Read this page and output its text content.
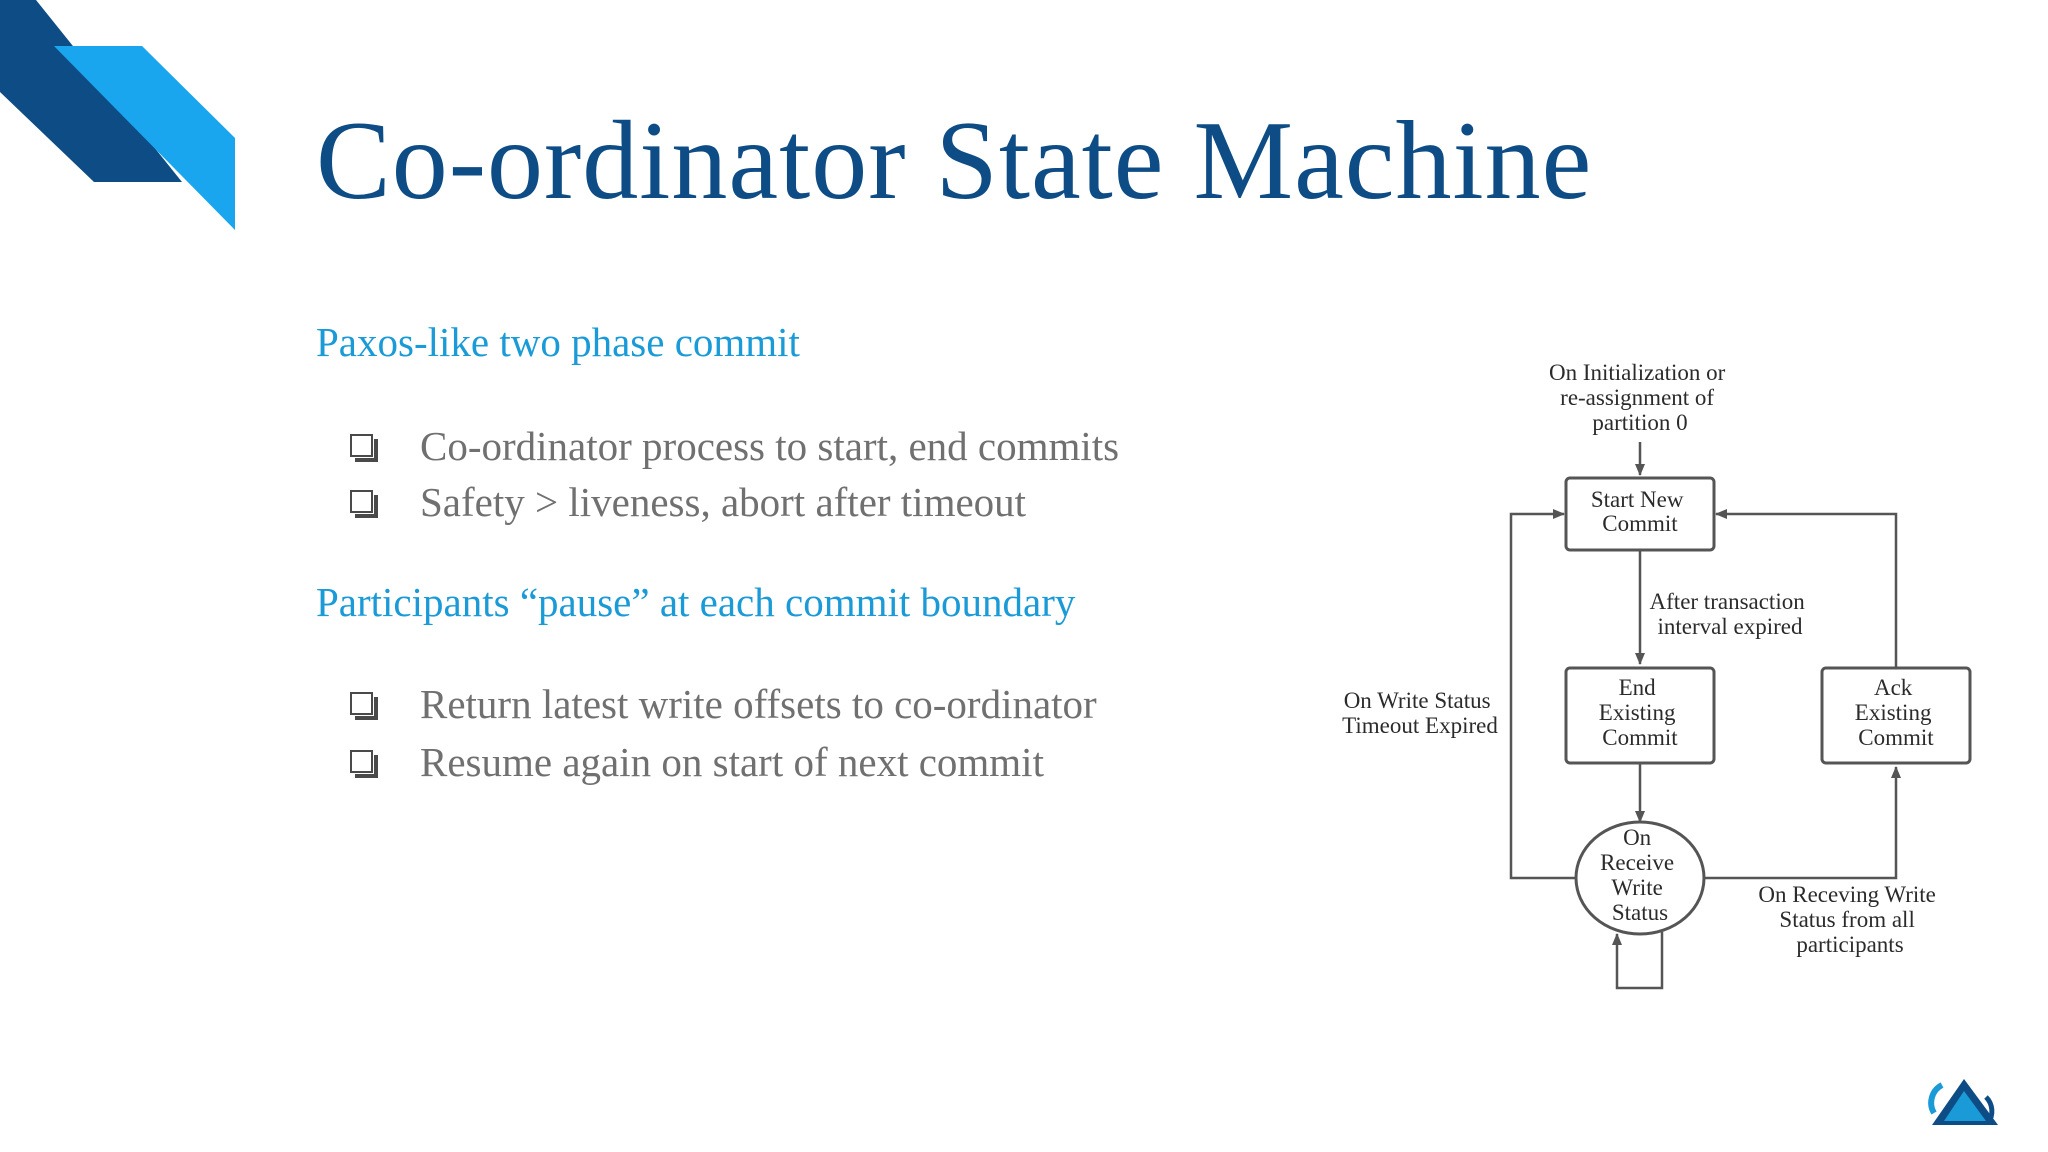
Co-ordinator State Machine
Paxos-like two phase commit
Co-ordinator process to start, end commits
Safety > liveness, abort after timeout
Participants “pause” at each commit boundary
Return latest write offsets to co-ordinator
Resume again on start of next commit
Start New Commit
End Existing Commit
Ack Existing Commit
On Receive Write Status
On Initialization or re-assignment of partition 0
After transaction interval expired
On Write Status Timeout Expired
On Receving Write Status from all participants
